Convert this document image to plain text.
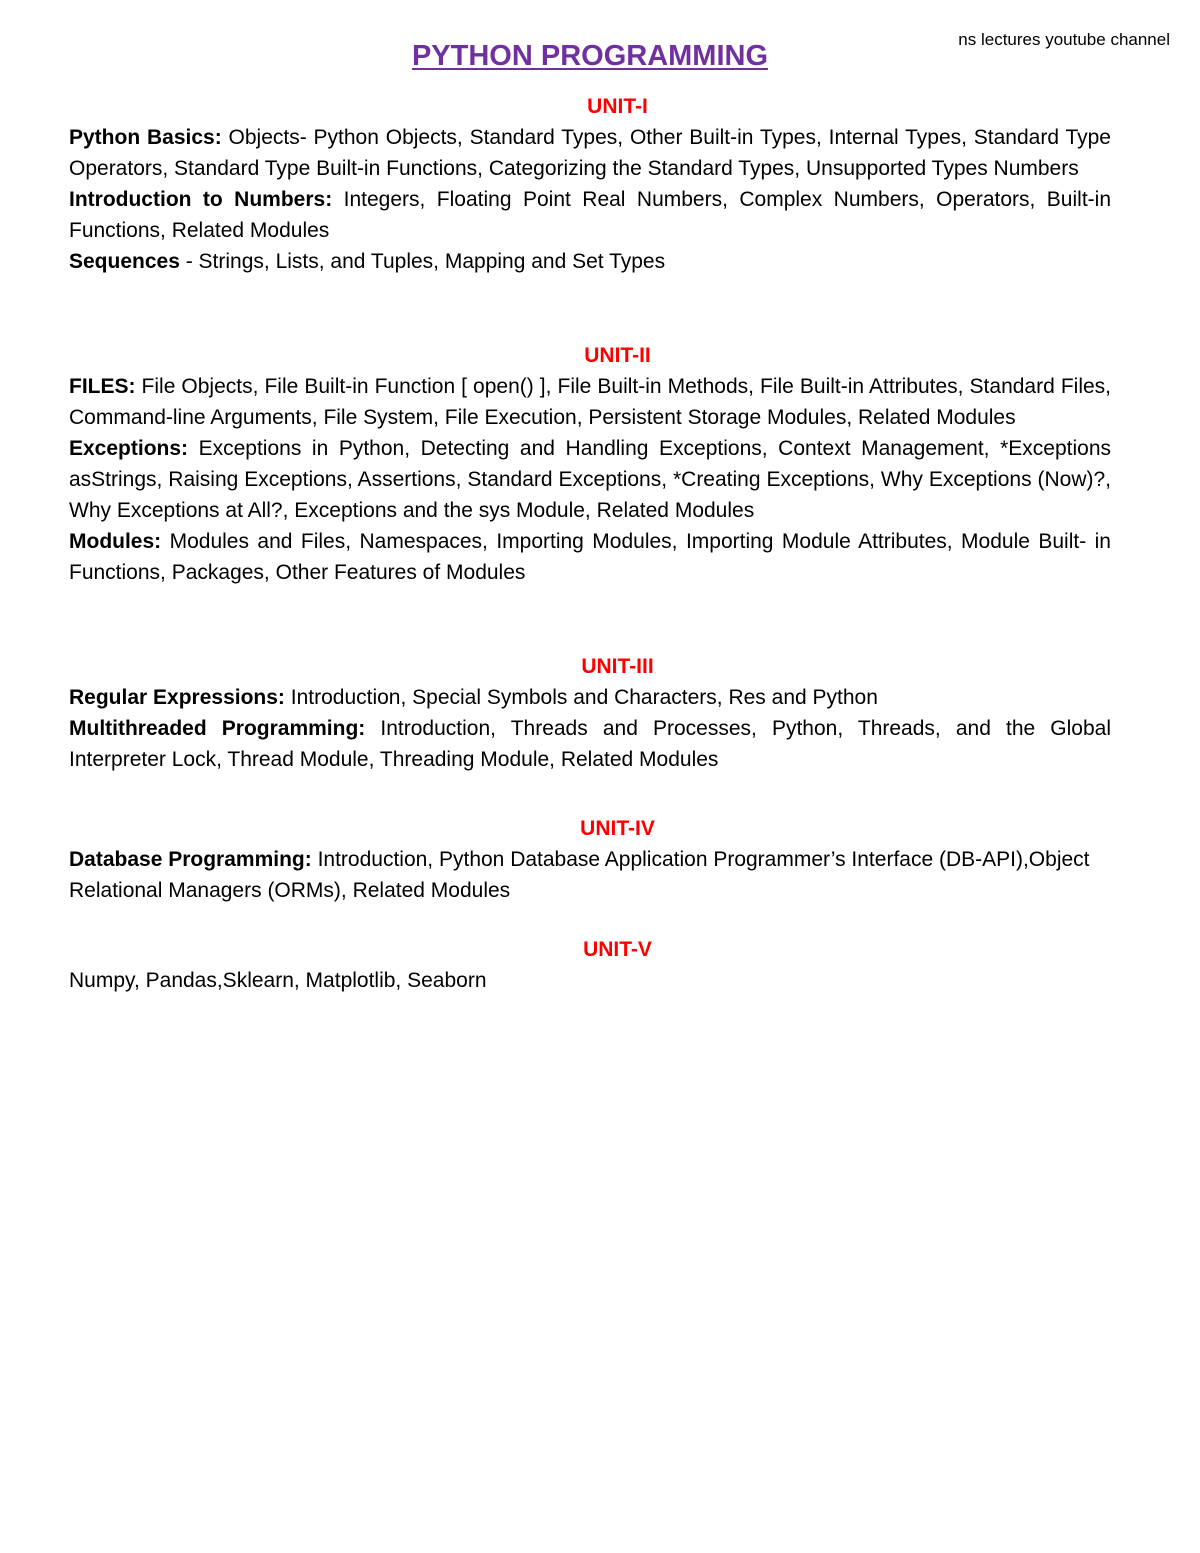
ns lectures youtube channel
PYTHON PROGRAMMING
UNIT-I

Python Basics: Objects- Python Objects, Standard Types, Other Built-in Types, Internal Types, Standard Type Operators, Standard Type Built-in Functions, Categorizing the Standard Types, Unsupported Types Numbers

Introduction to Numbers: Integers, Floating Point Real Numbers, Complex Numbers, Operators, Built-in Functions, Related Modules

Sequences - Strings, Lists, and Tuples, Mapping and Set Types

UNIT-II

FILES: File Objects, File Built-in Function [ open() ], File Built-in Methods, File Built-in Attributes, Standard Files, Command-line Arguments, File System, File Execution, Persistent Storage Modules, Related Modules

Exceptions: Exceptions in Python, Detecting and Handling Exceptions, Context Management, *Exceptions asStrings, Raising Exceptions, Assertions, Standard Exceptions, *Creating Exceptions, Why Exceptions (Now)?, Why Exceptions at All?, Exceptions and the sys Module, Related Modules

Modules: Modules and Files, Namespaces, Importing Modules, Importing Module Attributes, Module Built- in Functions, Packages, Other Features of Modules

UNIT-III

Regular Expressions: Introduction, Special Symbols and Characters, Res and Python

Multithreaded Programming: Introduction, Threads and Processes, Python, Threads, and the Global Interpreter Lock, Thread Module, Threading Module, Related Modules

UNIT-IV

Database Programming: Introduction, Python Database Application Programmer’s Interface (DB-API),Object Relational Managers (ORMs), Related Modules

UNIT-V

Numpy, Pandas,Sklearn, Matplotlib, Seaborn
